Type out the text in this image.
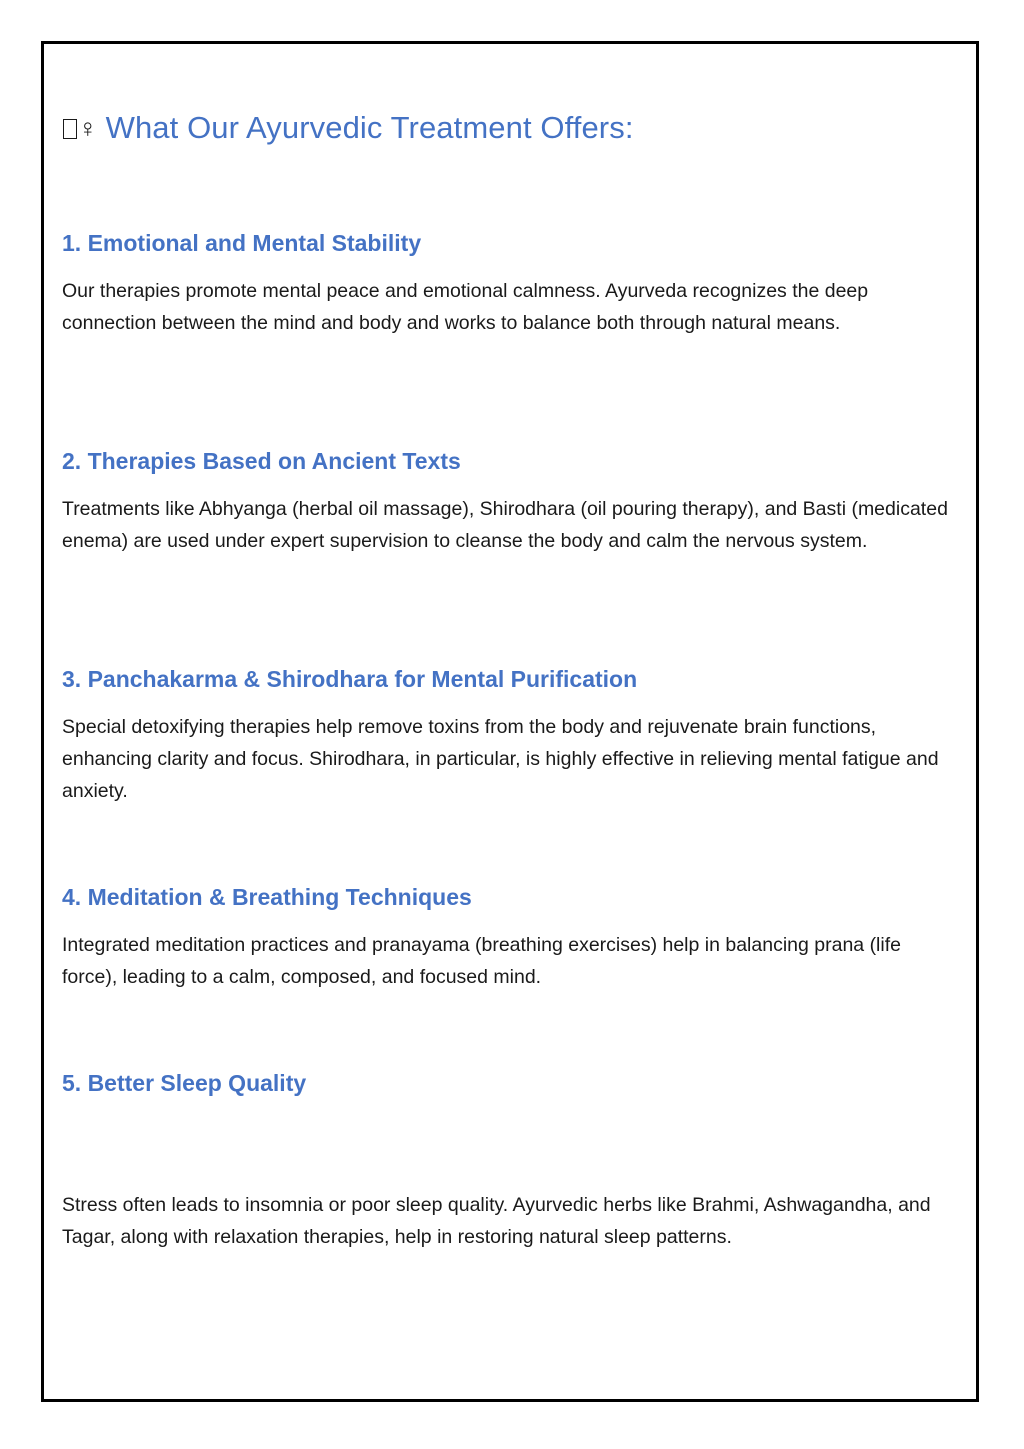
♀ What Our Ayurvedic Treatment Offers:
1. Emotional and Mental Stability

Our therapies promote mental peace and emotional calmness. Ayurveda recognizes the deep connection between the mind and body and works to balance both through natural means.

2. Therapies Based on Ancient Texts

Treatments like Abhyanga (herbal oil massage), Shirodhara (oil pouring therapy), and Basti (medicated enema) are used under expert supervision to cleanse the body and calm the nervous system.

3. Panchakarma & Shirodhara for Mental Purification

Special detoxifying therapies help remove toxins from the body and rejuvenate brain functions, enhancing clarity and focus. Shirodhara, in particular, is highly effective in relieving mental fatigue and anxiety.

4. Meditation & Breathing Techniques

Integrated meditation practices and pranayama (breathing exercises) help in balancing prana (life force), leading to a calm, composed, and focused mind.

5. Better Sleep Quality

Stress often leads to insomnia or poor sleep quality. Ayurvedic herbs like Brahmi, Ashwagandha, and Tagar, along with relaxation therapies, help in restoring natural sleep patterns.
